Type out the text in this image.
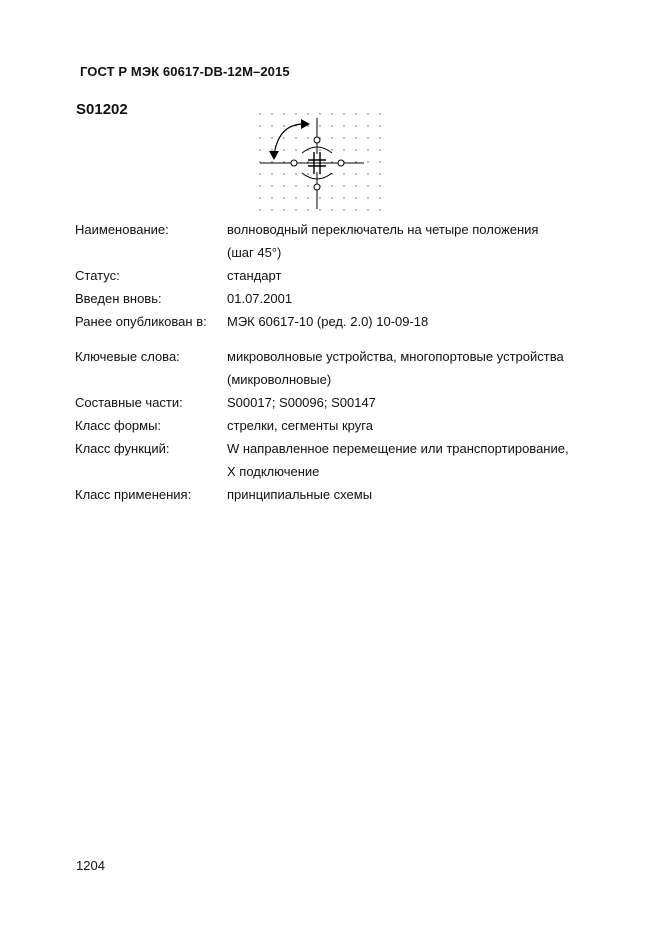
ГОСТ Р МЭК 60617-DB-12M–2015
S01202
Наименование:	волноводный переключатель на четыре положения
(шаг 45°)
Статус:	стандарт
Введен вновь:	01.07.2001
Ранее опубликован в:	МЭК 60617-10 (ред. 2.0) 10-09-18
Ключевые слова:	микроволновые устройства, многопортовые устройства
(микроволновые)
Составные части:	S00017; S00096; S00147
Класс формы:	стрелки, сегменты круга
Класс функций:	W направленное перемещение или транспортирование,
X подключение
Класс применения:	принципиальные схемы
1204
